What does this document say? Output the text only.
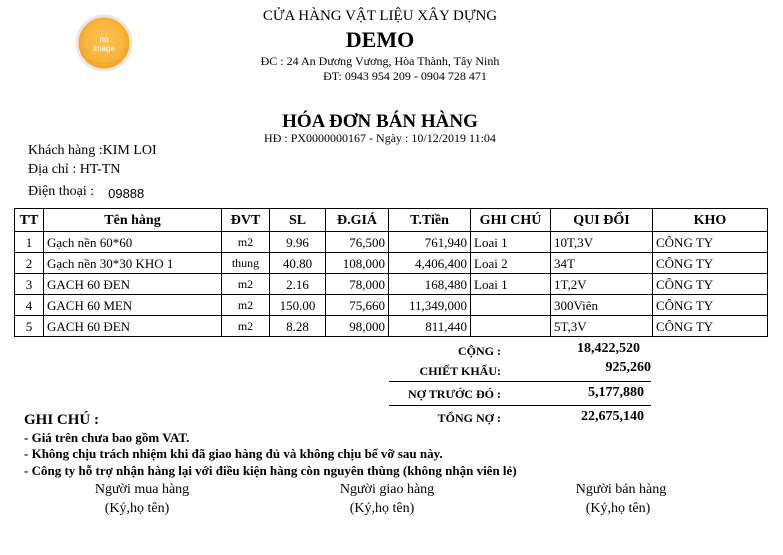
no
image
CỬA HÀNG VẬT LIỆU XÂY DỰNG
DEMO
ĐC : 24 An Dương Vương, Hòa Thành, Tây Ninh
ĐT: 0943 954 209 - 0904 728 471
HÓA ĐƠN BÁN HÀNG
HĐ : PX0000000167 - Ngày : 10/12/2019 11:04
Khách hàng :KIM LOI
Địa chỉ : HT-TN
Điện thoại : 09888
TT	Tên hàng	ĐVT	SL	Đ.GIÁ	T.Tiền	GHI CHÚ	QUI ĐỔI	KHO
1	Gạch nền 60*60	m2	9.96	76,500	761,940	Loai 1	10T,3V	CÔNG TY
2	Gạch nền 30*30 KHO 1	thung	40.80	108,000	4,406,400	Loai 2	34T	CÔNG TY
3	GACH 60 ĐEN	m2	2.16	78,000	168,480	Loai 1	1T,2V	CÔNG TY
4	GACH 60 MEN	m2	150.00	75,660	11,349,000		300Viên	CÔNG TY
5	GACH 60 ĐEN	m2	8.28	98,000	811,440		5T,3V	CÔNG TY
CỘNG :	18,422,520
CHIẾT KHẤU:	925,260
NỢ TRƯỚC ĐÓ :	5,177,880
TỔNG NỢ :	22,675,140
GHI CHÚ :
- Giá trên chưa bao gồm VAT.
- Không chịu trách nhiệm khi đã giao hàng đủ và không chịu bể vỡ sau này.
- Công ty hỗ trợ nhận hàng lại với điều kiện hàng còn nguyên thùng (không nhận viên lẻ)
Người mua hàng	Người giao hàng	Người bán hàng
(Ký,họ tên)	(Ký,họ tên)	(Ký,họ tên)
